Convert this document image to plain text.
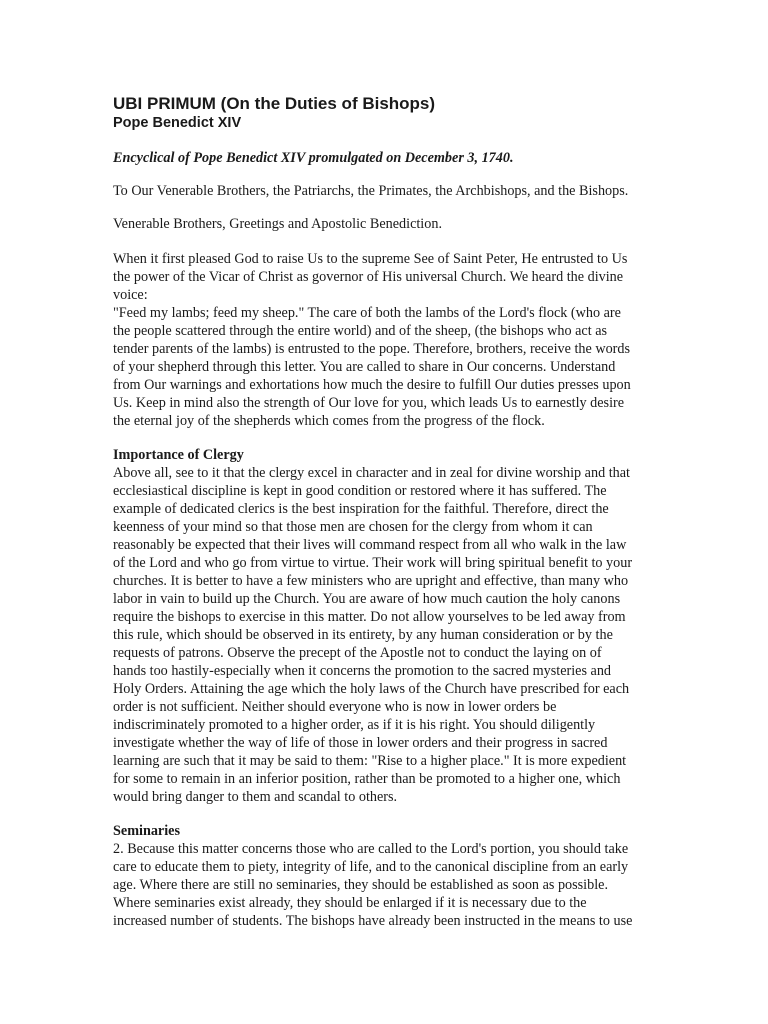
UBI PRIMUM (On the Duties of Bishops)
Pope Benedict XIV

Encyclical of Pope Benedict XIV promulgated on December 3, 1740.

To Our Venerable Brothers, the Patriarchs, the Primates, the Archbishops, and the Bishops.

Venerable Brothers, Greetings and Apostolic Benediction.

When it first pleased God to raise Us to the supreme See of Saint Peter, He entrusted to Us
the power of the Vicar of Christ as governor of His universal Church. We heard the divine
voice:
"Feed my lambs; feed my sheep." The care of both the lambs of the Lord's flock (who are
the people scattered through the entire world) and of the sheep, (the bishops who act as
tender parents of the lambs) is entrusted to the pope. Therefore, brothers, receive the words
of your shepherd through this letter. You are called to share in Our concerns. Understand
from Our warnings and exhortations how much the desire to fulfill Our duties presses upon
Us. Keep in mind also the strength of Our love for you, which leads Us to earnestly desire
the eternal joy of the shepherds which comes from the progress of the flock.
Importance of Clergy
Above all, see to it that the clergy excel in character and in zeal for divine worship and that
ecclesiastical discipline is kept in good condition or restored where it has suffered. The
example of dedicated clerics is the best inspiration for the faithful. Therefore, direct the
keenness of your mind so that those men are chosen for the clergy from whom it can
reasonably be expected that their lives will command respect from all who walk in the law
of the Lord and who go from virtue to virtue. Their work will bring spiritual benefit to your
churches. It is better to have a few ministers who are upright and effective, than many who
labor in vain to build up the Church. You are aware of how much caution the holy canons
require the bishops to exercise in this matter. Do not allow yourselves to be led away from
this rule, which should be observed in its entirety, by any human consideration or by the
requests of patrons. Observe the precept of the Apostle not to conduct the laying on of
hands too hastily-especially when it concerns the promotion to the sacred mysteries and
Holy Orders. Attaining the age which the holy laws of the Church have prescribed for each
order is not sufficient. Neither should everyone who is now in lower orders be
indiscriminately promoted to a higher order, as if it is his right. You should diligently
investigate whether the way of life of those in lower orders and their progress in sacred
learning are such that it may be said to them: "Rise to a higher place." It is more expedient
for some to remain in an inferior position, rather than be promoted to a higher one, which
would bring danger to them and scandal to others.
Seminaries
2. Because this matter concerns those who are called to the Lord's portion, you should take
care to educate them to piety, integrity of life, and to the canonical discipline from an early
age. Where there are still no seminaries, they should be established as soon as possible.
Where seminaries exist already, they should be enlarged if it is necessary due to the
increased number of students. The bishops have already been instructed in the means to use
